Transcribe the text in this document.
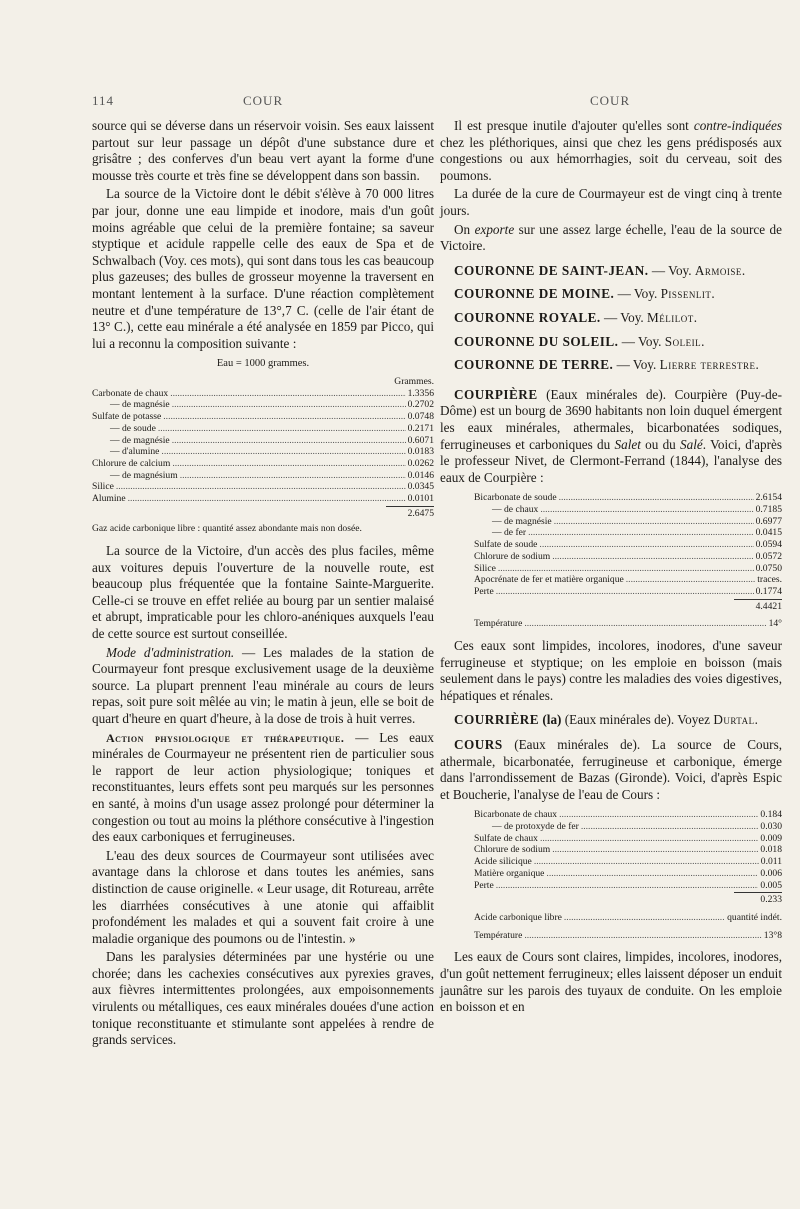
114	COUR	COUR

source qui se déverse dans un réservoir voisin. Ses eaux laissent partout sur leur passage un dépôt d'une substance dure et grisâtre ; des conferves d'un beau vert ayant la forme d'une mousse très courte et très fine se développent dans son bassin.

La source de la Victoire dont le débit s'élève à 70 000 litres par jour, donne une eau limpide et inodore, mais d'un goût moins agréable que celui de la première fontaine; sa saveur styptique et acidule rappelle celle des eaux de Spa et de Schwalbach (Voy. ces mots), qui sont dans tous les cas beaucoup plus gazeuses; des bulles de grosseur moyenne la traversent en montant lentement à la surface. D'une réaction complètement neutre et d'une température de 13°,7 C. (celle de l'air étant de 13° C.), cette eau minérale a été analysée en 1859 par Picco, qui lui a reconnu la composition suivante :

Eau = 1000 grammes.
Grammes.
Carbonate de chaux .....	1.3356
— de magnésie .....	0.2702
Sulfate de potasse .....	0.0748
— de soude .....	0.2171
— de magnésie .....	0.6071
— d'alumine .....	0.0183
Chlorure de calcium .....	0.0262
— de magnésium .....	0.0146
Silice .....	0.0345
Alumine .....	0.0101
2.6475
Gaz acide carbonique libre : quantité assez abondante mais non dosée.

La source de la Victoire, d'un accès des plus faciles, même aux voitures depuis l'ouverture de la nouvelle route, est beaucoup plus fréquentée que la fontaine Sainte-Marguerite. Celle-ci se trouve en effet reliée au bourg par un sentier malaisé et abrupt, impraticable pour les chloro-anéniques auxquels l'eau de cette source est surtout conseillée.

Mode d'administration. — Les malades de la station de Courmayeur font presque exclusivement usage de la deuxième source. La plupart prennent l'eau minérale au cours de leurs repas, soit pure soit mêlée au vin; le matin à jeun, elle se boit de quart d'heure en quart d'heure, à la dose de trois à huit verres.

Action physiologique et thérapeutique. — Les eaux minérales de Courmayeur ne présentent rien de particulier sous le rapport de leur action physiologique; toniques et reconstituantes, leurs effets sont peu marqués sur les personnes en santé, à moins d'un usage assez prolongé pour déterminer la congestion ou tout au moins la pléthore consécutive à l'ingestion des eaux carboniques et ferrugineuses.

L'eau des deux sources de Courmayeur sont utilisées avec avantage dans la chlorose et dans toutes les anémies, sans distinction de cause originelle. « Leur usage, dit Rotureau, arrête les diarrhées consécutives à une atonie qui affaiblit profondément les malades et qui a souvent fait croire à une maladie organique des poumons ou de l'intestin. »

Dans les paralysies déterminées par une hystérie ou une chorée; dans les cachexies consécutives aux pyrexies graves, aux fièvres intermittentes prolongées, aux empoisonnements virulents ou métalliques, ces eaux minérales douées d'une action tonique reconstituante et stimulante sont appelées à rendre de grands services.

Il est presque inutile d'ajouter qu'elles sont contre-indiquées chez les pléthoriques, ainsi que chez les gens prédisposés aux congestions ou aux hémorrhagies, soit du cerveau, soit des poumons.

La durée de la cure de Courmayeur est de vingt cinq à trente jours.

On exporte sur une assez large échelle, l'eau de la source de Victoire.

COURONNE DE SAINT-JEAN. — Voy. Armoise.

COURONNE DE MOINE. — Voy. Pissenlit.

COURONNE ROYALE. — Voy. Mélilot.

COURONNE DU SOLEIL. — Voy. Soleil.

COURONNE DE TERRE. — Voy. Lierre terrestre.

COURPIÈRE (Eaux minérales de). Courpière (Puy-de-Dôme) est un bourg de 3690 habitants non loin duquel émergent les eaux minérales, athermales, bicarbonatées sodiques, ferrugineuses et carboniques du Salet ou du Salé. Voici, d'après le professeur Nivet, de Clermont-Ferrand (1844), l'analyse des eaux de Courpière :

Bicarbonate de soude .....	2.6154
— de chaux .....	0.7185
— de magnésie .....	0.6977
— de fer .....	0.0415
Sulfate de soude .....	0.0594
Chlorure de sodium .....	0.0572
Silice .....	0.0750
Apocrénate de fer et matière organique .....	traces.
Perte .....	0.1774
4.4421
Température .....	14°

Ces eaux sont limpides, incolores, inodores, d'une saveur ferrugineuse et styptique; on les emploie en boisson (mais seulement dans le pays) contre les maladies des voies digestives, hépatiques et rénales.

COURRIÈRE (la) (Eaux minérales de). Voyez Durtal.

COURS (Eaux minérales de). La source de Cours, athermale, bicarbonatée, ferrugineuse et carbonique, émerge dans l'arrondissement de Bazas (Gironde). Voici, d'après Espic et Boucherie, l'analyse de l'eau de Cours :

Bicarbonate de chaux .....	0.184
— de protoxyde de fer .....	0.030
Sulfate de chaux .....	0.009
Chlorure de sodium .....	0.018
Acide silicique .....	0.011
Matière organique .....	0.006
Perte .....	0.005
0.233
Acide carbonique libre .....	quantité indét.
Température .....	13°8

Les eaux de Cours sont claires, limpides, incolores, inodores, d'un goût nettement ferrugineux; elles laissent déposer un enduit jaunâtre sur les parois des tuyaux de conduite. On les emploie en boisson et en
